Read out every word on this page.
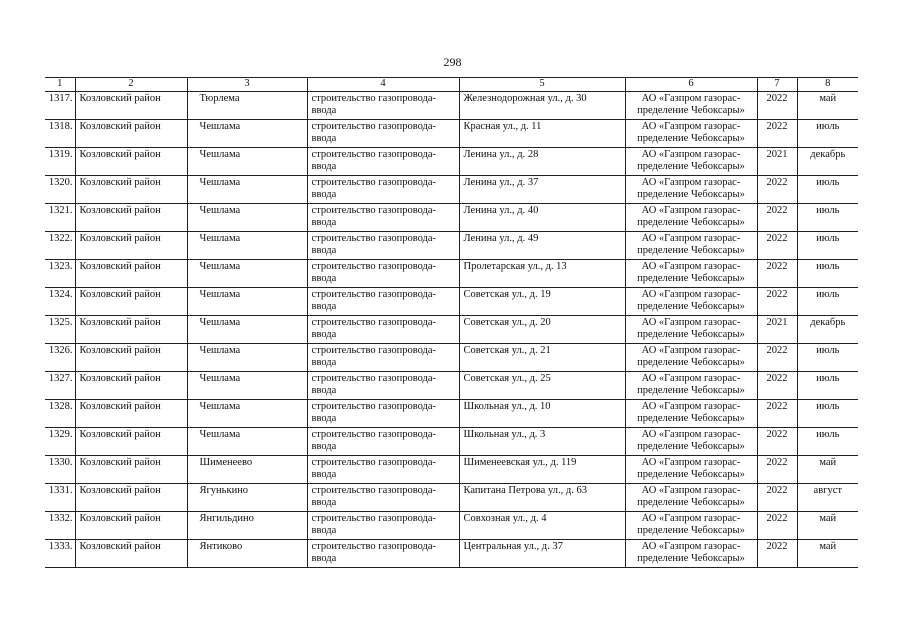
298
1	2	3	4	5	6	7	8
1317.	Козловский район	Тюрлема	строительство газопровода-
ввода	Железнодорожная ул., д. 30	АО «Газпром газорас-
пределение Чебоксары»	2022	май
1318.	Козловский район	Чешлама	строительство газопровода-
ввода	Красная ул., д. 11	АО «Газпром газорас-
пределение Чебоксары»	2022	июль
1319.	Козловский район	Чешлама	строительство газопровода-
ввода	Ленина ул., д. 28	АО «Газпром газорас-
пределение Чебоксары»	2021	декабрь
1320.	Козловский район	Чешлама	строительство газопровода-
ввода	Ленина ул., д. 37	АО «Газпром газорас-
пределение Чебоксары»	2022	июль
1321.	Козловский район	Чешлама	строительство газопровода-
ввода	Ленина ул., д. 40	АО «Газпром газорас-
пределение Чебоксары»	2022	июль
1322.	Козловский район	Чешлама	строительство газопровода-
ввода	Ленина ул., д. 49	АО «Газпром газорас-
пределение Чебоксары»	2022	июль
1323.	Козловский район	Чешлама	строительство газопровода-
ввода	Пролетарская ул., д. 13	АО «Газпром газорас-
пределение Чебоксары»	2022	июль
1324.	Козловский район	Чешлама	строительство газопровода-
ввода	Советская ул., д. 19	АО «Газпром газорас-
пределение Чебоксары»	2022	июль
1325.	Козловский район	Чешлама	строительство газопровода-
ввода	Советская ул., д. 20	АО «Газпром газорас-
пределение Чебоксары»	2021	декабрь
1326.	Козловский район	Чешлама	строительство газопровода-
ввода	Советская ул., д. 21	АО «Газпром газорас-
пределение Чебоксары»	2022	июль
1327.	Козловский район	Чешлама	строительство газопровода-
ввода	Советская ул., д. 25	АО «Газпром газорас-
пределение Чебоксары»	2022	июль
1328.	Козловский район	Чешлама	строительство газопровода-
ввода	Школьная ул., д. 10	АО «Газпром газорас-
пределение Чебоксары»	2022	июль
1329.	Козловский район	Чешлама	строительство газопровода-
ввода	Школьная ул., д. 3	АО «Газпром газорас-
пределение Чебоксары»	2022	июль
1330.	Козловский район	Шименеево	строительство газопровода-
ввода	Шименеевская ул., д. 119	АО «Газпром газорас-
пределение Чебоксары»	2022	май
1331.	Козловский район	Ягунькино	строительство газопровода-
ввода	Капитана Петрова ул., д. 63	АО «Газпром газорас-
пределение Чебоксары»	2022	август
1332.	Козловский район	Янгильдино	строительство газопровода-
ввода	Совхозная ул., д. 4	АО «Газпром газорас-
пределение Чебоксары»	2022	май
1333.	Козловский район	Янтиково	строительство газопровода-
ввода	Центральная ул., д. 37	АО «Газпром газорас-
пределение Чебоксары»	2022	май
